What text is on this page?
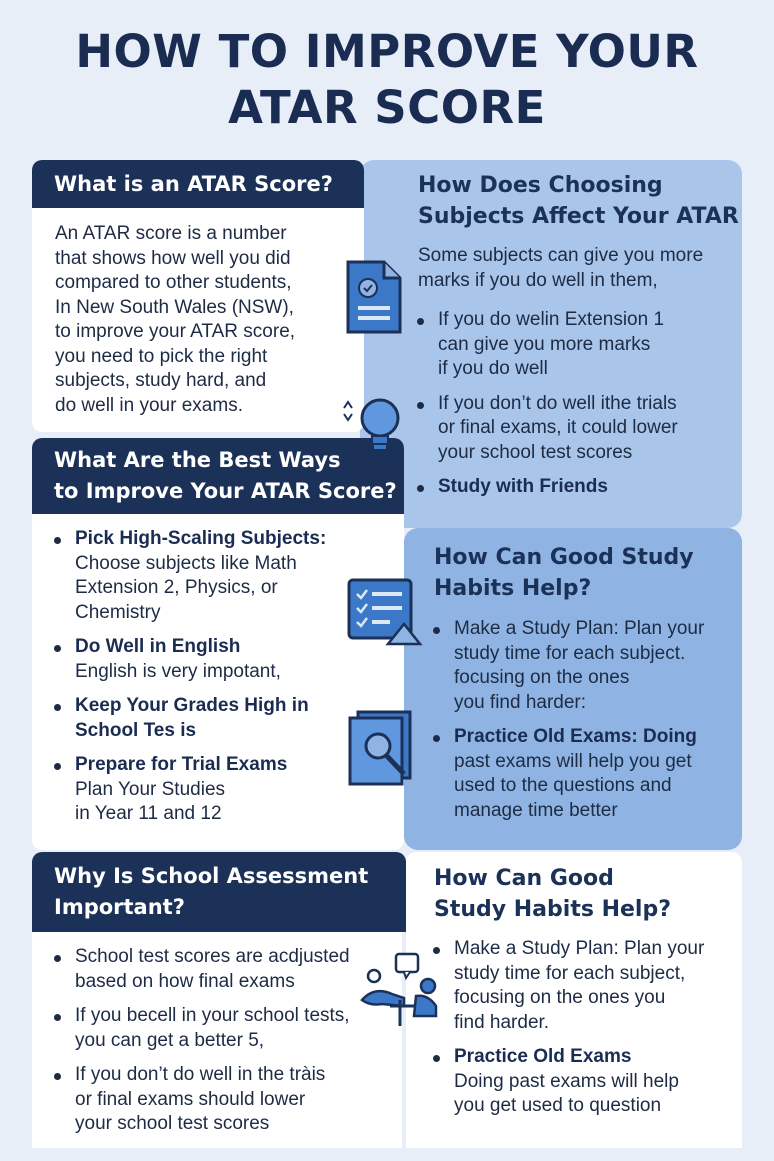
HOW TO IMPROVE YOUR
ATAR SCORE
What is an ATAR Score?
An ATAR score is a number
that shows how well you did
compared to other students,
In New South Wales (NSW),
to improve your ATAR score,
you need to pick the right
subjects, study hard, and
do well in your exams.
How Does Choosing
Subjects Affect Your ATAR
Some subjects can give you more
marks if you do well in them,
If you do welin Extension 1
can give you more marks
if you do well
If you don’t do well ithe trials
or final exams, it could lower
your school test scores
Study with Friends
What Are the Best Ways
to Improve Your ATAR Score?
Pick High-Scaling Subjects:
Choose subjects like Math
Extension 2, Physics, or
Chemistry
Do Well in English
English is very impotant,
Keep Your Grades High in
School Tes is
Prepare for Trial Exams
Plan Your Studies
in Year 11 and 12
How Can Good Study
Habits Help?
Make a Study Plan: Plan your
study time for each subject.
focusing on the ones
you find harder:
Practice Old Exams: Doing
past exams will help you get
used to the questions and
manage time better
Why Is School Assessment
Important?
School test scores are acdjusted
based on how final exams
If you becell in your school tests,
you can get a better 5,
If you don’t do well in the tràis
or final exams should lower
your school test scores
How Can Good
Study Habits Help?
Make a Study Plan: Plan your
study time for each subject,
focusing on the ones you
find harder.
Practice Old Exams
Doing past exams will help
you get used to question
